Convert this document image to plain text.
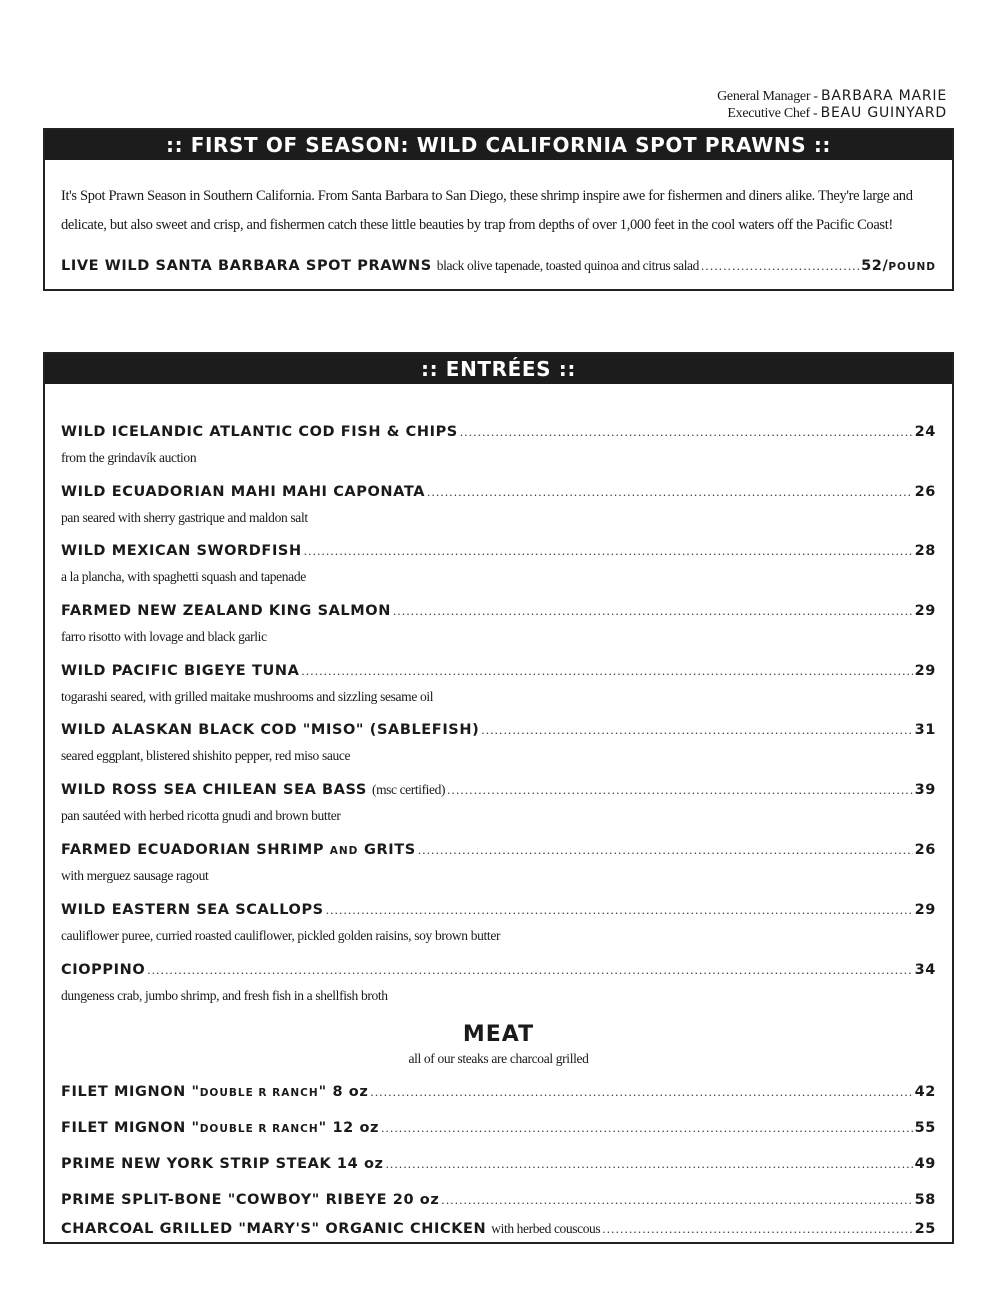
General Manager - BARBARA MARIE
Executive Chef - BEAU GUINYARD
:: FIRST OF SEASON: WILD CALIFORNIA SPOT PRAWNS ::
It's Spot Prawn Season in Southern California. From Santa Barbara to San Diego, these shrimp inspire awe for fishermen and diners alike. They're large and delicate, but also sweet and crisp, and fishermen catch these little beauties by trap from depths of over 1,000 feet in the cool waters off the Pacific Coast!
LIVE WILD SANTA BARBARA SPOT PRAWNS black olive tapenade, toasted quinoa and citrus salad .....	52/POUND
:: ENTRÉES ::
WILD ICELANDIC ATLANTIC COD FISH & CHIPS .....	24
from the grindavík auction
WILD ECUADORIAN MAHI MAHI CAPONATA .....	26
pan seared with sherry gastrique and maldon salt
WILD MEXICAN SWORDFISH .....	28
a la plancha, with spaghetti squash and tapenade
FARMED NEW ZEALAND KING SALMON .....	29
farro risotto with lovage and black garlic
WILD PACIFIC BIGEYE TUNA .....	29
togarashi seared, with grilled maitake mushrooms and sizzling sesame oil
WILD ALASKAN BLACK COD "MISO" (SABLEFISH) .....	31
seared eggplant, blistered shishito pepper, red miso sauce
WILD ROSS SEA CHILEAN SEA BASS (msc certified) .....	39
pan sautéed with herbed ricotta gnudi and brown butter
FARMED ECUADORIAN SHRIMP AND GRITS .....	26
with merguez sausage ragout
WILD EASTERN SEA SCALLOPS .....	29
cauliflower puree, curried roasted cauliflower, pickled golden raisins, soy brown butter
CIOPPINO .....	34
dungeness crab, jumbo shrimp, and fresh fish in a shellfish broth
MEAT
all of our steaks are charcoal grilled
FILET MIGNON "DOUBLE R RANCH" 8 oz .....	42
FILET MIGNON "DOUBLE R RANCH" 12 oz .....	55
PRIME NEW YORK STRIP STEAK 14 oz .....	49
PRIME SPLIT-BONE "COWBOY" RIBEYE 20 oz .....	58
CHARCOAL GRILLED "MARY'S" ORGANIC CHICKEN with herbed couscous .....	25
